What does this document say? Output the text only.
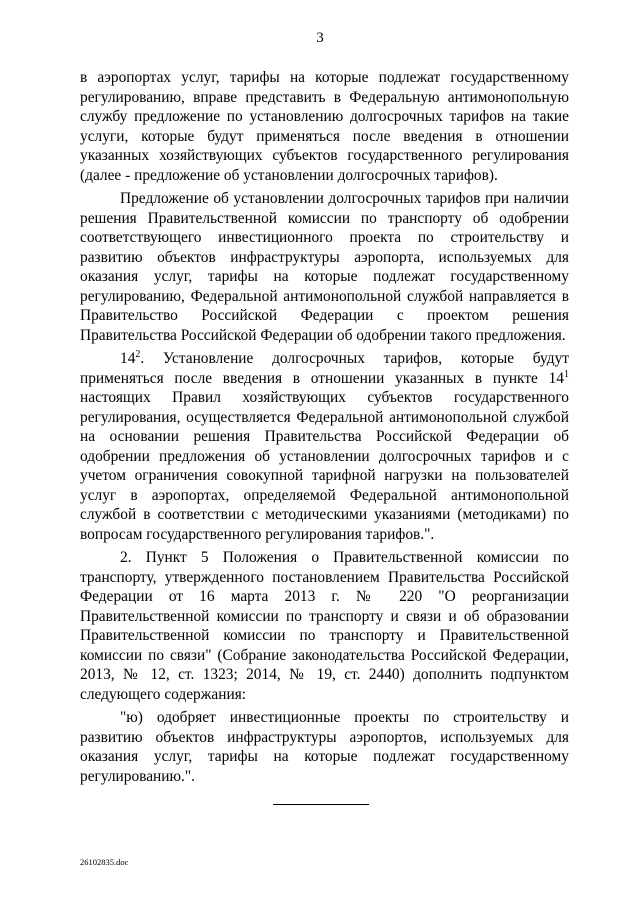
3

в аэропортах услуг, тарифы на которые подлежат государственному регулированию, вправе представить в Федеральную антимонопольную службу предложение по установлению долгосрочных тарифов на такие услуги, которые будут применяться после введения в отношении указанных хозяйствующих субъектов государственного регулирования (далее - предложение об установлении долгосрочных тарифов).

Предложение об установлении долгосрочных тарифов при наличии решения Правительственной комиссии по транспорту об одобрении соответствующего инвестиционного проекта по строительству и развитию объектов инфраструктуры аэропорта, используемых для оказания услуг, тарифы на которые подлежат государственному регулированию, Федеральной антимонопольной службой направляется в Правительство Российской Федерации с проектом решения Правительства Российской Федерации об одобрении такого предложения.

$14^2$. Установление долгосрочных тарифов, которые будут применяться после введения в отношении указанных в пункте $14^1$ настоящих Правил хозяйствующих субъектов государственного регулирования, осуществляется Федеральной антимонопольной службой на основании решения Правительства Российской Федерации об одобрении предложения об установлении долгосрочных тарифов и с учетом ограничения совокупной тарифной нагрузки на пользователей услуг в аэропортах, определяемой Федеральной антимонопольной службой в соответствии с методическими указаниями (методиками) по вопросам государственного регулирования тарифов.".

2. Пункт 5 Положения о Правительственной комиссии по транспорту, утвержденного постановлением Правительства Российской Федерации от 16 марта 2013 г. № 220 "О реорганизации Правительственной комиссии по транспорту и связи и об образовании Правительственной комиссии по транспорту и Правительственной комиссии по связи" (Собрание законодательства Российской Федерации, 2013, № 12, ст. 1323; 2014, № 19, ст. 2440) дополнить подпунктом следующего содержания:

"ю) одобряет инвестиционные проекты по строительству и развитию объектов инфраструктуры аэропортов, используемых для оказания услуг, тарифы на которые подлежат государственному регулированию.".

26102835.doc
